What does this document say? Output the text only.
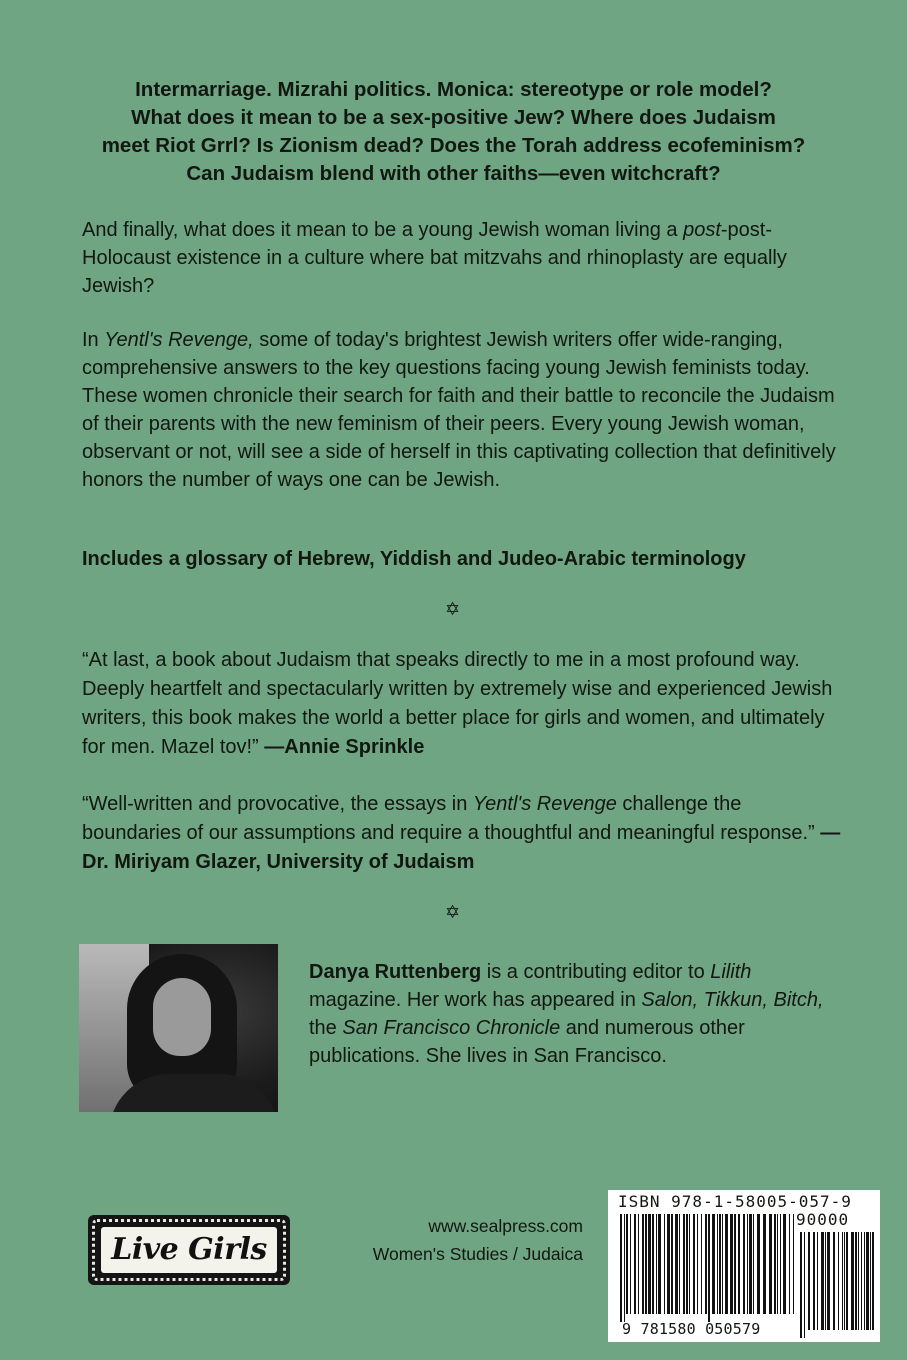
Intermarriage. Mizrahi politics. Monica: stereotype or role model?
What does it mean to be a sex-positive Jew? Where does Judaism
meet Riot Grrl? Is Zionism dead? Does the Torah address ecofeminism?
Can Judaism blend with other faiths—even witchcraft?

And finally, what does it mean to be a young Jewish woman living a post-post-Holocaust existence in a culture where bat mitzvahs and rhinoplasty are equally Jewish?

In Yentl's Revenge, some of today's brightest Jewish writers offer wide-ranging, comprehensive answers to the key questions facing young Jewish feminists today. These women chronicle their search for faith and their battle to reconcile the Judaism of their parents with the new feminism of their peers. Every young Jewish woman, observant or not, will see a side of herself in this captivating collection that definitively honors the number of ways one can be Jewish.

Includes a glossary of Hebrew, Yiddish and Judeo-Arabic terminology
✡

“At last, a book about Judaism that speaks directly to me in a most profound way. Deeply heartfelt and spectacularly written by extremely wise and experienced Jewish writers, this book makes the world a better place for girls and women, and ultimately for men. Mazel tov!” —Annie Sprinkle

“Well-written and provocative, the essays in Yentl's Revenge challenge the boundaries of our assumptions and require a thoughtful and meaningful response.” —Dr. Miriyam Glazer, University of Judaism

✡

Danya Ruttenberg is a contributing editor to Lilith magazine. Her work has appeared in Salon, Tikkun, Bitch, the San Francisco Chronicle and numerous other publications. She lives in San Francisco.

Live Girls
www.sealpress.com
Women's Studies / Judaica
ISBN 978-1-58005-057-9
90000
9 781580 050579
